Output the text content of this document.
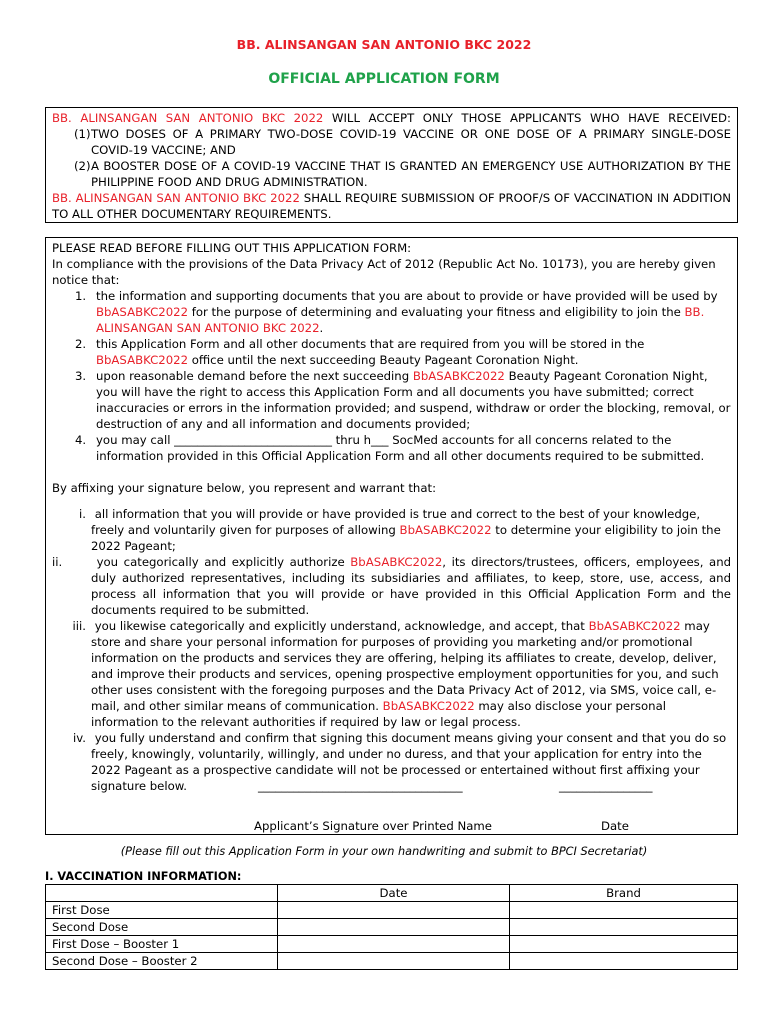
BB. ALINSANGAN SAN ANTONIO BKC 2022
OFFICIAL APPLICATION FORM
BB. ALINSANGAN SAN ANTONIO BKC 2022 WILL ACCEPT ONLY THOSE APPLICANTS WHO HAVE RECEIVED:
(1) TWO DOSES OF A PRIMARY TWO-DOSE COVID-19 VACCINE OR ONE DOSE OF A PRIMARY SINGLE-DOSE COVID-19 VACCINE; AND
(2) A BOOSTER DOSE OF A COVID-19 VACCINE THAT IS GRANTED AN EMERGENCY USE AUTHORIZATION BY THE PHILIPPINE FOOD AND DRUG ADMINISTRATION.
BB. ALINSANGAN SAN ANTONIO BKC 2022 SHALL REQUIRE SUBMISSION OF PROOF/S OF VACCINATION IN ADDITION TO ALL OTHER DOCUMENTARY REQUIREMENTS.
PLEASE READ BEFORE FILLING OUT THIS APPLICATION FORM:
In compliance with the provisions of the Data Privacy Act of 2012 (Republic Act No. 10173), you are hereby given notice that:
1. the information and supporting documents that you are about to provide or have provided will be used by BbASABKC2022 for the purpose of determining and evaluating your fitness and eligibility to join the BB. ALINSANGAN SAN ANTONIO BKC 2022.
2. this Application Form and all other documents that are required from you will be stored in the BbASABKC2022 office until the next succeeding Beauty Pageant Coronation Night.
3. upon reasonable demand before the next succeeding BbASABKC2022 Beauty Pageant Coronation Night, you will have the right to access this Application Form and all documents you have submitted; correct inaccuracies or errors in the information provided; and suspend, withdraw or order the blocking, removal, or destruction of any and all information and documents provided;
4. you may call ___________________________ thru h___ SocMed accounts for all concerns related to the information provided in this Official Application Form and all other documents required to be submitted.
By affixing your signature below, you represent and warrant that:
i. all information that you will provide or have provided is true and correct to the best of your knowledge, freely and voluntarily given for purposes of allowing BbASABKC2022 to determine your eligibility to join the 2022 Pageant;
ii.	you categorically and explicitly authorize BbASABKC2022, its directors/trustees, officers, employees, and duly authorized representatives, including its subsidiaries and affiliates, to keep, store, use, access, and process all information that you will provide or have provided in this Official Application Form and the documents required to be submitted.
iii. you likewise categorically and explicitly understand, acknowledge, and accept, that BbASABKC2022 may store and share your personal information for purposes of providing you marketing and/or promotional information on the products and services they are offering, helping its affiliates to create, develop, deliver, and improve their products and services, opening prospective employment opportunities for you, and such other uses consistent with the foregoing purposes and the Data Privacy Act of 2012, via SMS, voice call, e-mail, and other similar means of communication. BbASABKC2022 may also disclose your personal information to the relevant authorities if required by law or legal process.
iv. you fully understand and confirm that signing this document means giving your consent and that you do so freely, knowingly, voluntarily, willingly, and under no duress, and that your application for entry into the 2022 Pageant as a prospective candidate will not be processed or entertained without first affixing your signature below.	___________________________________	________________
Applicant’s Signature over Printed Name	Date
(Please fill out this Application Form in your own handwriting and submit to BPCI Secretariat)
I. VACCINATION INFORMATION:
	Date	Brand
First Dose		
Second Dose		
First Dose – Booster 1		
Second Dose – Booster 2		
